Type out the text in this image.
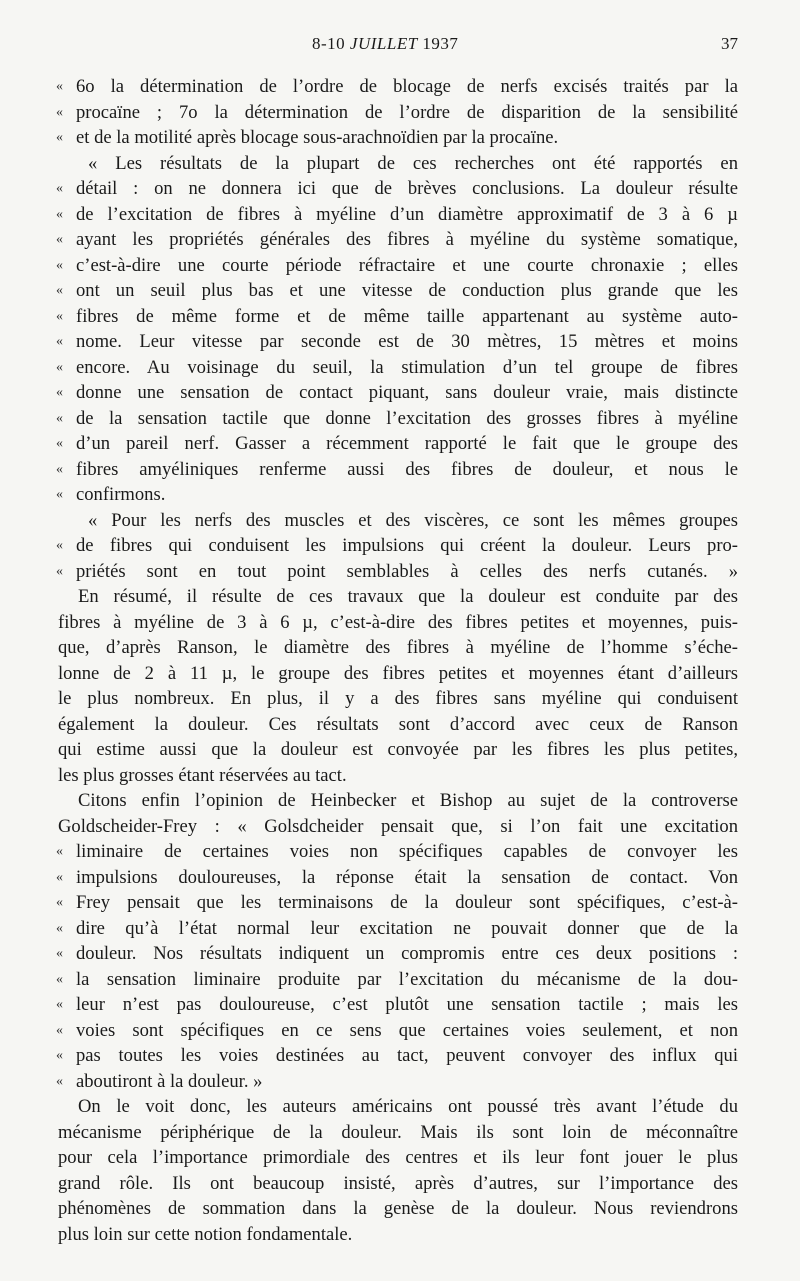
8-10 JUILLET 1937	37
« 6o la détermination de l’ordre de blocage de nerfs excisés traités par la
« procaïne ; 7o la détermination de l’ordre de disparition de la sensibilité
« et de la motilité après blocage sous-arachnoïdien par la procaïne.
« Les résultats de la plupart de ces recherches ont été rapportés en
« détail : on ne donnera ici que de brèves conclusions. La douleur résulte
« de l’excitation de fibres à myéline d’un diamètre approximatif de 3 à 6 µ
« ayant les propriétés générales des fibres à myéline du système somatique,
« c’est-à-dire une courte période réfractaire et une courte chronaxie ; elles
« ont un seuil plus bas et une vitesse de conduction plus grande que les
« fibres de même forme et de même taille appartenant au système auto-
« nome. Leur vitesse par seconde est de 30 mètres, 15 mètres et moins
« encore. Au voisinage du seuil, la stimulation d’un tel groupe de fibres
« donne une sensation de contact piquant, sans douleur vraie, mais distincte
« de la sensation tactile que donne l’excitation des grosses fibres à myéline
« d’un pareil nerf. Gasser a récemment rapporté le fait que le groupe des
« fibres amyéliniques renferme aussi des fibres de douleur, et nous le
« confirmons.
« Pour les nerfs des muscles et des viscères, ce sont les mêmes groupes
« de fibres qui conduisent les impulsions qui créent la douleur. Leurs pro-
« priétés sont en tout point semblables à celles des nerfs cutanés. »
En résumé, il résulte de ces travaux que la douleur est conduite par des
fibres à myéline de 3 à 6 µ, c’est-à-dire des fibres petites et moyennes, puis-
que, d’après Ranson, le diamètre des fibres à myéline de l’homme s’éche-
lonne de 2 à 11 µ, le groupe des fibres petites et moyennes étant d’ailleurs
le plus nombreux. En plus, il y a des fibres sans myéline qui conduisent
également la douleur. Ces résultats sont d’accord avec ceux de Ranson
qui estime aussi que la douleur est convoyée par les fibres les plus petites,
les plus grosses étant réservées au tact.
Citons enfin l’opinion de Heinbecker et Bishop au sujet de la controverse
Goldscheider-Frey : « Golsdcheider pensait que, si l’on fait une excitation
« liminaire de certaines voies non spécifiques capables de convoyer les
« impulsions douloureuses, la réponse était la sensation de contact. Von
« Frey pensait que les terminaisons de la douleur sont spécifiques, c’est-à-
« dire qu’à l’état normal leur excitation ne pouvait donner que de la
« douleur. Nos résultats indiquent un compromis entre ces deux positions :
« la sensation liminaire produite par l’excitation du mécanisme de la dou-
« leur n’est pas douloureuse, c’est plutôt une sensation tactile ; mais les
« voies sont spécifiques en ce sens que certaines voies seulement, et non
« pas toutes les voies destinées au tact, peuvent convoyer des influx qui
« aboutiront à la douleur. »
On le voit donc, les auteurs américains ont poussé très avant l’étude du
mécanisme périphérique de la douleur. Mais ils sont loin de méconnaître
pour cela l’importance primordiale des centres et ils leur font jouer le plus
grand rôle. Ils ont beaucoup insisté, après d’autres, sur l’importance des
phénomènes de sommation dans la genèse de la douleur. Nous reviendrons
plus loin sur cette notion fondamentale.
